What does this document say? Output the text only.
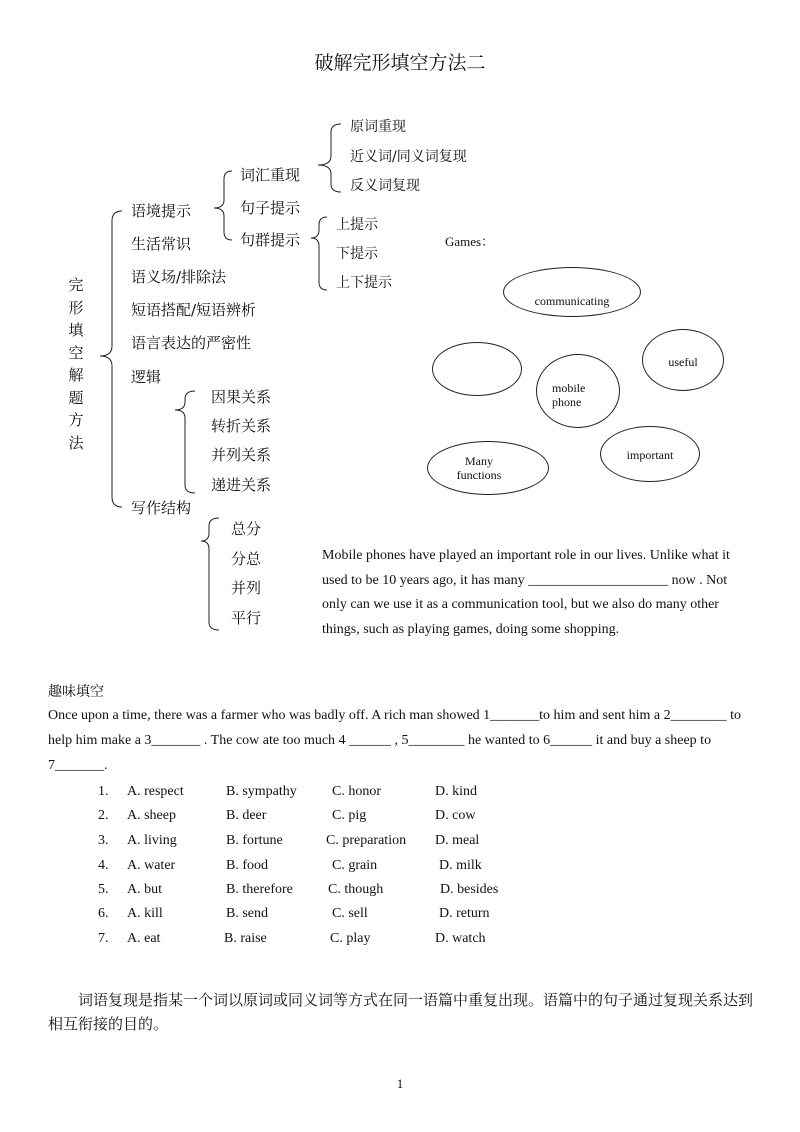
破解完形填空方法二
完形填空解题方法
语境提示
生活常识
语义场/排除法
短语搭配/短语辨析
语言表达的严密性
逻辑
写作结构
词汇重现
句子提示
句群提示
原词重现
近义词/同义词复现
反义词复现
上提示
下提示
上下提示
因果关系
转折关系
并列关系
递进关系
总分
分总
并列
平行
Games：
communicating
useful
mobile phone
important
Many functions
Mobile phones have played an important role in our lives. Unlike what it used to be 10 years ago, it has many ____________________ now . Not only can we use it as a communication tool, but we also do many other things, such as playing games, doing some shopping.
趣味填空
Once upon a time, there was a farmer who was badly off. A rich man showed 1_______to him and sent him a 2________ to help him make a 3_______ . The cow ate too much 4 ______ , 5________ he wanted to 6______ it and buy a sheep to 7_______.
1. A. respect	B. sympathy	C. honor	D. kind
2. A. sheep	B. deer	C. pig	D. cow
3. A. living	B. fortune	C. preparation D. meal
4. A. water	B. food	C. grain	D. milk
5. A. but	B. therefore	C. though	D. besides
6. A. kill	B. send	C. sell	D. return
7. A. eat	B. raise	C. play	D. watch
词语复现是指某一个词以原词或同义词等方式在同一语篇中重复出现。语篇中的句子通过复现关系达到相互衔接的目的。
1
